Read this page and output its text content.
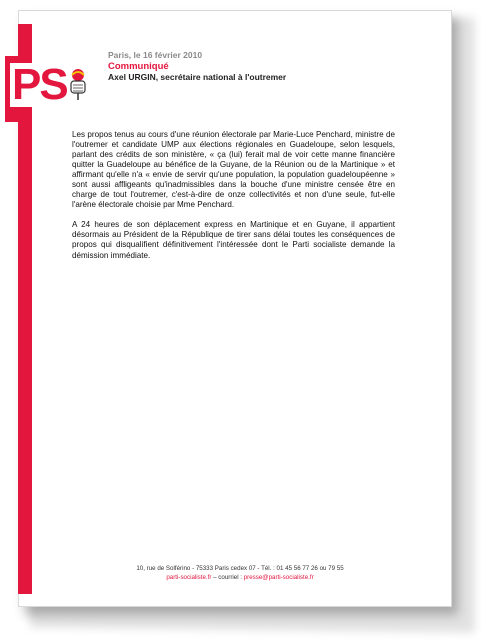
PS
Paris, le 16 février 2010
Communiqué
Axel URGIN, secrétaire national à l'outremer

Les propos tenus au cours d'une réunion électorale par Marie-Luce Penchard, ministre de l'outremer et candidate UMP aux élections régionales en Guadeloupe, selon lesquels, parlant des crédits de son ministère, « ça (lui) ferait mal de voir cette manne financière quitter la Guadeloupe au bénéfice de la Guyane, de la Réunion ou de la Martinique » et affirmant qu'elle n'a « envie de servir qu'une population, la population guadeloupéenne » sont aussi affligeants qu'inadmissibles dans la bouche d'une ministre censée être en charge de tout l'outremer, c'est-à-dire de onze collectivités et non d'une seule, fut-elle l'arène électorale choisie par Mme Penchard.

A 24 heures de son déplacement express en Martinique et en Guyane, il appartient désormais au Président de la République de tirer sans délai toutes les conséquences de propos qui disqualifient définitivement l'intéressée dont le Parti socialiste demande la démission immédiate.

10, rue de Solférino - 75333 Paris cedex 07 - Tél. : 01 45 56 77 26 ou 79 55
parti-socialiste.fr – courriel : presse@parti-socialiste.fr
